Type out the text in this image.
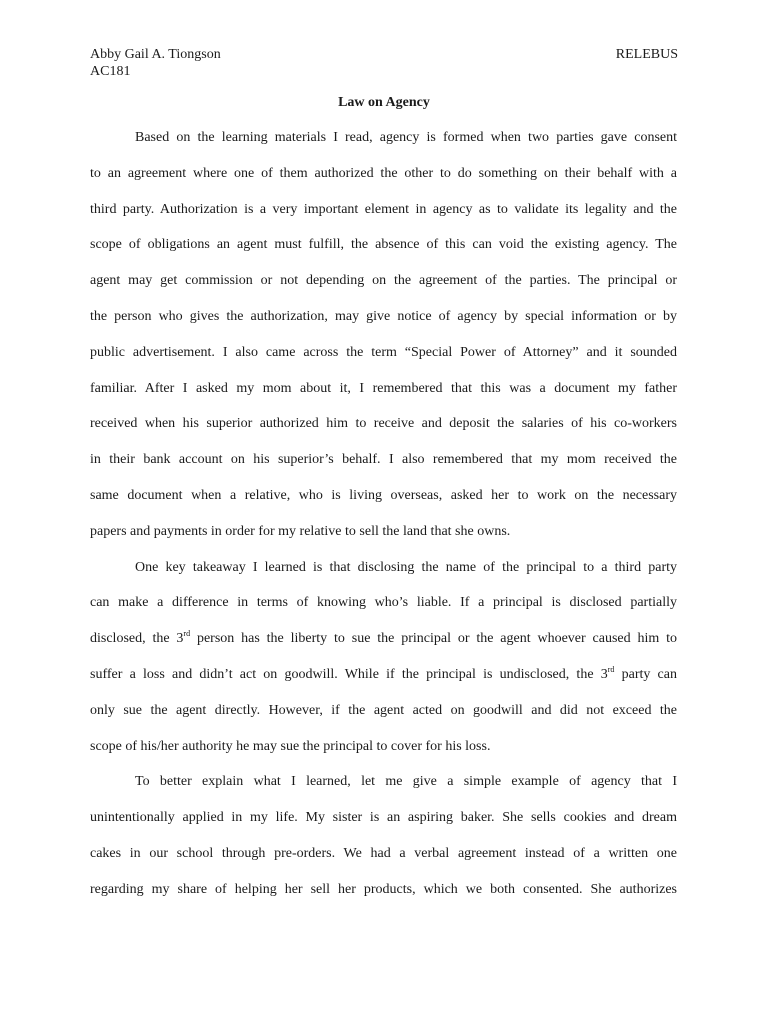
Abby Gail A. Tiongson	RELEBUS
AC181
Law on Agency
Based on the learning materials I read, agency is formed when two parties gave consent
to an agreement where one of them authorized the other to do something on their behalf with a
third party. Authorization is a very important element in agency as to validate its legality and the
scope of obligations an agent must fulfill, the absence of this can void the existing agency. The
agent may get commission or not depending on the agreement of the parties. The principal or
the person who gives the authorization, may give notice of agency by special information or by
public advertisement. I also came across the term “Special Power of Attorney” and it sounded
familiar. After I asked my mom about it, I remembered that this was a document my father
received when his superior authorized him to receive and deposit the salaries of his co-workers
in their bank account on his superior’s behalf. I also remembered that my mom received the
same document when a relative, who is living overseas, asked her to work on the necessary
papers and payments in order for my relative to sell the land that she owns.
One key takeaway I learned is that disclosing the name of the principal to a third party
can make a difference in terms of knowing who’s liable. If a principal is disclosed partially
disclosed, the 3rd person has the liberty to sue the principal or the agent whoever caused him to
suffer a loss and didn’t act on goodwill. While if the principal is undisclosed, the 3rd party can
only sue the agent directly. However, if the agent acted on goodwill and did not exceed the
scope of his/her authority he may sue the principal to cover for his loss.
To better explain what I learned, let me give a simple example of agency that I
unintentionally applied in my life. My sister is an aspiring baker. She sells cookies and dream
cakes in our school through pre-orders. We had a verbal agreement instead of a written one
regarding my share of helping her sell her products, which we both consented. She authorizes
